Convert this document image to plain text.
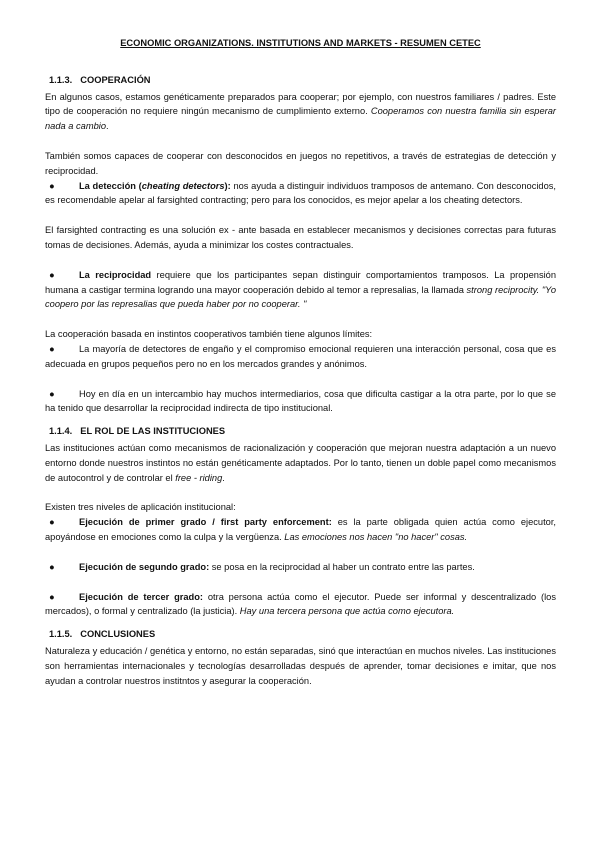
ECONOMIC ORGANIZATIONS. INSTITUTIONS AND MARKETS - RESUMEN CETEC
1.1.3. COOPERACIÓN

En algunos casos, estamos genéticamente preparados para cooperar; por ejemplo, con nuestros familiares / padres. Este tipo de cooperación no requiere ningún mecanismo de cumplimiento externo. Cooperamos con nuestra familia sin esperar nada a cambio.

También somos capaces de cooperar con desconocidos en juegos no repetitivos, a través de estrategias de detección y reciprocidad.

●	La detección (cheating detectors): nos ayuda a distinguir individuos tramposos de antemano. Con desconocidos, es recomendable apelar al farsighted contracting; pero para los conocidos, es mejor apelar a los cheating detectors.

El farsighted contracting es una solución ex - ante basada en establecer mecanismos y decisiones correctas para futuras tomas de decisiones. Además, ayuda a minimizar los costes contractuales.

●	La reciprocidad requiere que los participantes sepan distinguir comportamientos tramposos. La propensión humana a castigar termina logrando una mayor cooperación debido al temor a represalias, la llamada strong reciprocity. "Yo coopero por las represalias que pueda haber por no cooperar. "

La cooperación basada en instintos cooperativos también tiene algunos límites:

●	La mayoría de detectores de engaño y el compromiso emocional requieren una interacción personal, cosa que es adecuada en grupos pequeños pero no en los mercados grandes y anónimos.
●	Hoy en día en un intercambio hay muchos intermediarios, cosa que dificulta castigar a la otra parte, por lo que se ha tenido que desarrollar la reciprocidad indirecta de tipo institucional.
1.1.4. EL ROL DE LAS INSTITUCIONES

Las instituciones actúan como mecanismos de racionalización y cooperación que mejoran nuestra adaptación a un nuevo entorno donde nuestros instintos no están genéticamente adaptados. Por lo tanto, tienen un doble papel como mecanismos de autocontrol y de controlar el free - riding.

Existen tres niveles de aplicación institucional:

●	Ejecución de primer grado / first party enforcement: es la parte obligada quien actúa como ejecutor, apoyándose en emociones como la culpa y la vergüenza. Las emociones nos hacen "no hacer" cosas.
●	Ejecución de segundo grado: se posa en la reciprocidad al haber un contrato entre las partes.
●	Ejecución de tercer grado: otra persona actúa como el ejecutor. Puede ser informal y descentralizado (los mercados), o formal y centralizado (la justicia). Hay una tercera persona que actúa como ejecutora.
1.1.5. CONCLUSIONES

Naturaleza y educación / genética y entorno, no están separadas, sinó que interactúan en muchos niveles. Las instituciones son herramientas internacionales y tecnologías desarrolladas después de aprender, tomar decisiones e imitar, que nos ayudan a controlar nuestros institntos y asegurar la cooperación.
